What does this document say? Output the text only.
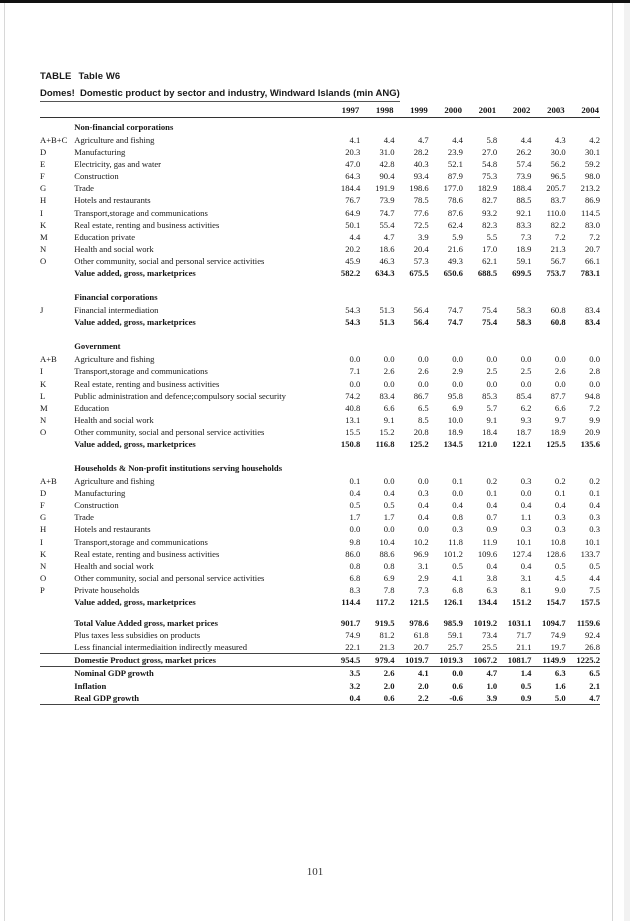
TABLE Table W6
Domes! Domestic product by sector and industry, Windward Islands (min ANG)
		1997	1998	1999	2000	2001	2002	2003	2004

	Non-financial corporations								
A+B+C	Agriculture and fishing	4.1	4.4	4.7	4.4	5.8	4.4	4.3	4.2
D	Manufacturing	20.3	31.0	28.2	23.9	27.0	26.2	30.0	30.1
E	Electricity, gas and water	47.0	42.8	40.3	52.1	54.8	57.4	56.2	59.2
F	Construction	64.3	90.4	93.4	87.9	75.3	73.9	96.5	98.0
G	Trade	184.4	191.9	198.6	177.0	182.9	188.4	205.7	213.2
H	Hotels and restaurants	76.7	73.9	78.5	78.6	82.7	88.5	83.7	86.9
I	Transport,storage and communications	64.9	74.7	77.6	87.6	93.2	92.1	110.0	114.5
K	Real estate, renting and business activities	50.1	55.4	72.5	62.4	82.3	83.3	82.2	83.0
M	Education private	4.4	4.7	3.9	5.9	5.5	7.3	7.2	7.2
N	Health and social work	20.2	18.6	20.4	21.6	17.0	18.9	21.3	20.7
O	Other community, social and personal service activities	45.9	46.3	57.3	49.3	62.1	59.1	56.7	66.1
	Value added, gross, marketprices	582.2	634.3	675.5	650.6	688.5	699.5	753.7	783.1

	Financial corporations								
J	Financial intermediation	54.3	51.3	56.4	74.7	75.4	58.3	60.8	83.4
	Value added, gross, marketprices	54.3	51.3	56.4	74.7	75.4	58.3	60.8	83.4

	Government								
A+B	Agriculture and fishing	0.0	0.0	0.0	0.0	0.0	0.0	0.0	0.0
I	Transport,storage and communications	7.1	2.6	2.6	2.9	2.5	2.5	2.6	2.8
K	Real estate, renting and business activities	0.0	0.0	0.0	0.0	0.0	0.0	0.0	0.0
L	Public administration and defence;compulsory social security	74.2	83.4	86.7	95.8	85.3	85.4	87.7	94.8
M	Education	40.8	6.6	6.5	6.9	5.7	6.2	6.6	7.2
N	Health and social work	13.1	9.1	8.5	10.0	9.1	9.3	9.7	9.9
O	Other community, social and personal service activities	15.5	15.2	20.8	18.9	18.4	18.7	18.9	20.9
	Value added, gross, marketprices	150.8	116.8	125.2	134.5	121.0	122.1	125.5	135.6

	Households & Non-profit institutions serving households								
A+B	Agriculture and fishing	0.1	0.0	0.0	0.1	0.2	0.3	0.2	0.2
D	Manufacturing	0.4	0.4	0.3	0.0	0.1	0.0	0.1	0.1
F	Construction	0.5	0.5	0.4	0.4	0.4	0.4	0.4	0.4
G	Trade	1.7	1.7	0.4	0.8	0.7	1.1	0.3	0.3
H	Hotels and restaurants	0.0	0.0	0.0	0.3	0.9	0.3	0.3	0.3
I	Transport,storage and communications	9.8	10.4	10.2	11.8	11.9	10.1	10.8	10.1
K	Real estate, renting and business activities	86.0	88.6	96.9	101.2	109.6	127.4	128.6	133.7
N	Health and social work	0.8	0.8	3.1	0.5	0.4	0.4	0.5	0.5
O	Other community, social and personal service activities	6.8	6.9	2.9	4.1	3.8	3.1	4.5	4.4
P	Private households	8.3	7.8	7.3	6.8	6.3	8.1	9.0	7.5
	Value added, gross, marketprices	114.4	117.2	121.5	126.1	134.4	151.2	154.7	157.5

	Total Value Added gross, market prices	901.7	919.5	978.6	985.9	1019.2	1031.1	1094.7	1159.6
	Plus taxes less subsidies on products	74.9	81.2	61.8	59.1	73.4	71.7	74.9	92.4
	Less financial intermediaition indirectly measured	22.1	21.3	20.7	25.7	25.5	21.1	19.7	26.8
	Domestie Product gross, market prices	954.5	979.4	1019.7	1019.3	1067.2	1081.7	1149.9	1225.2
	Nominal GDP growth	3.5	2.6	4.1	0.0	4.7	1.4	6.3	6.5
	Inflation	3.2	2.0	2.0	0.6	1.0	0.5	1.6	2.1
	Real GDP growth	0.4	0.6	2.2	-0.6	3.9	0.9	5.0	4.7
101
